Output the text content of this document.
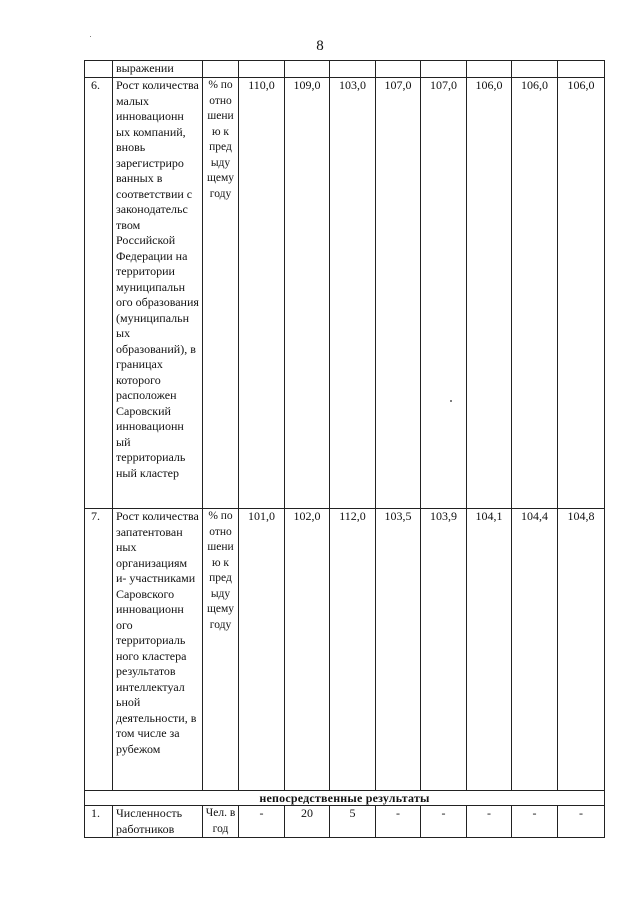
8
	выражении									
6.	Рост количества малых инновационн ых компаний, вновь зарегистриро ванных в соответствии с законодательс твом Российской Федерации на территории муниципальн ого образования (муниципальн ых образований), в границах которого расположен Саровский инновационн ый территориаль ный кластер	% по отно шени ю к пред ыду щему году	110,0	109,0	103,0	107,0	107,0	106,0	106,0	106,0
7.	Рост количества запатентован ных организациям и- участниками Саровского инновационн ого территориаль ного кластера результатов интеллектуал ьной деятельности, в том числе за рубежом	% по отно шени ю к пред ыду щему году	101,0	102,0	112,0	103,5	103,9	104,1	104,4	104,8
непосредственные результаты										
1.	Численность работников	Чел. в год	-	20	5	-	-	-	-	-
